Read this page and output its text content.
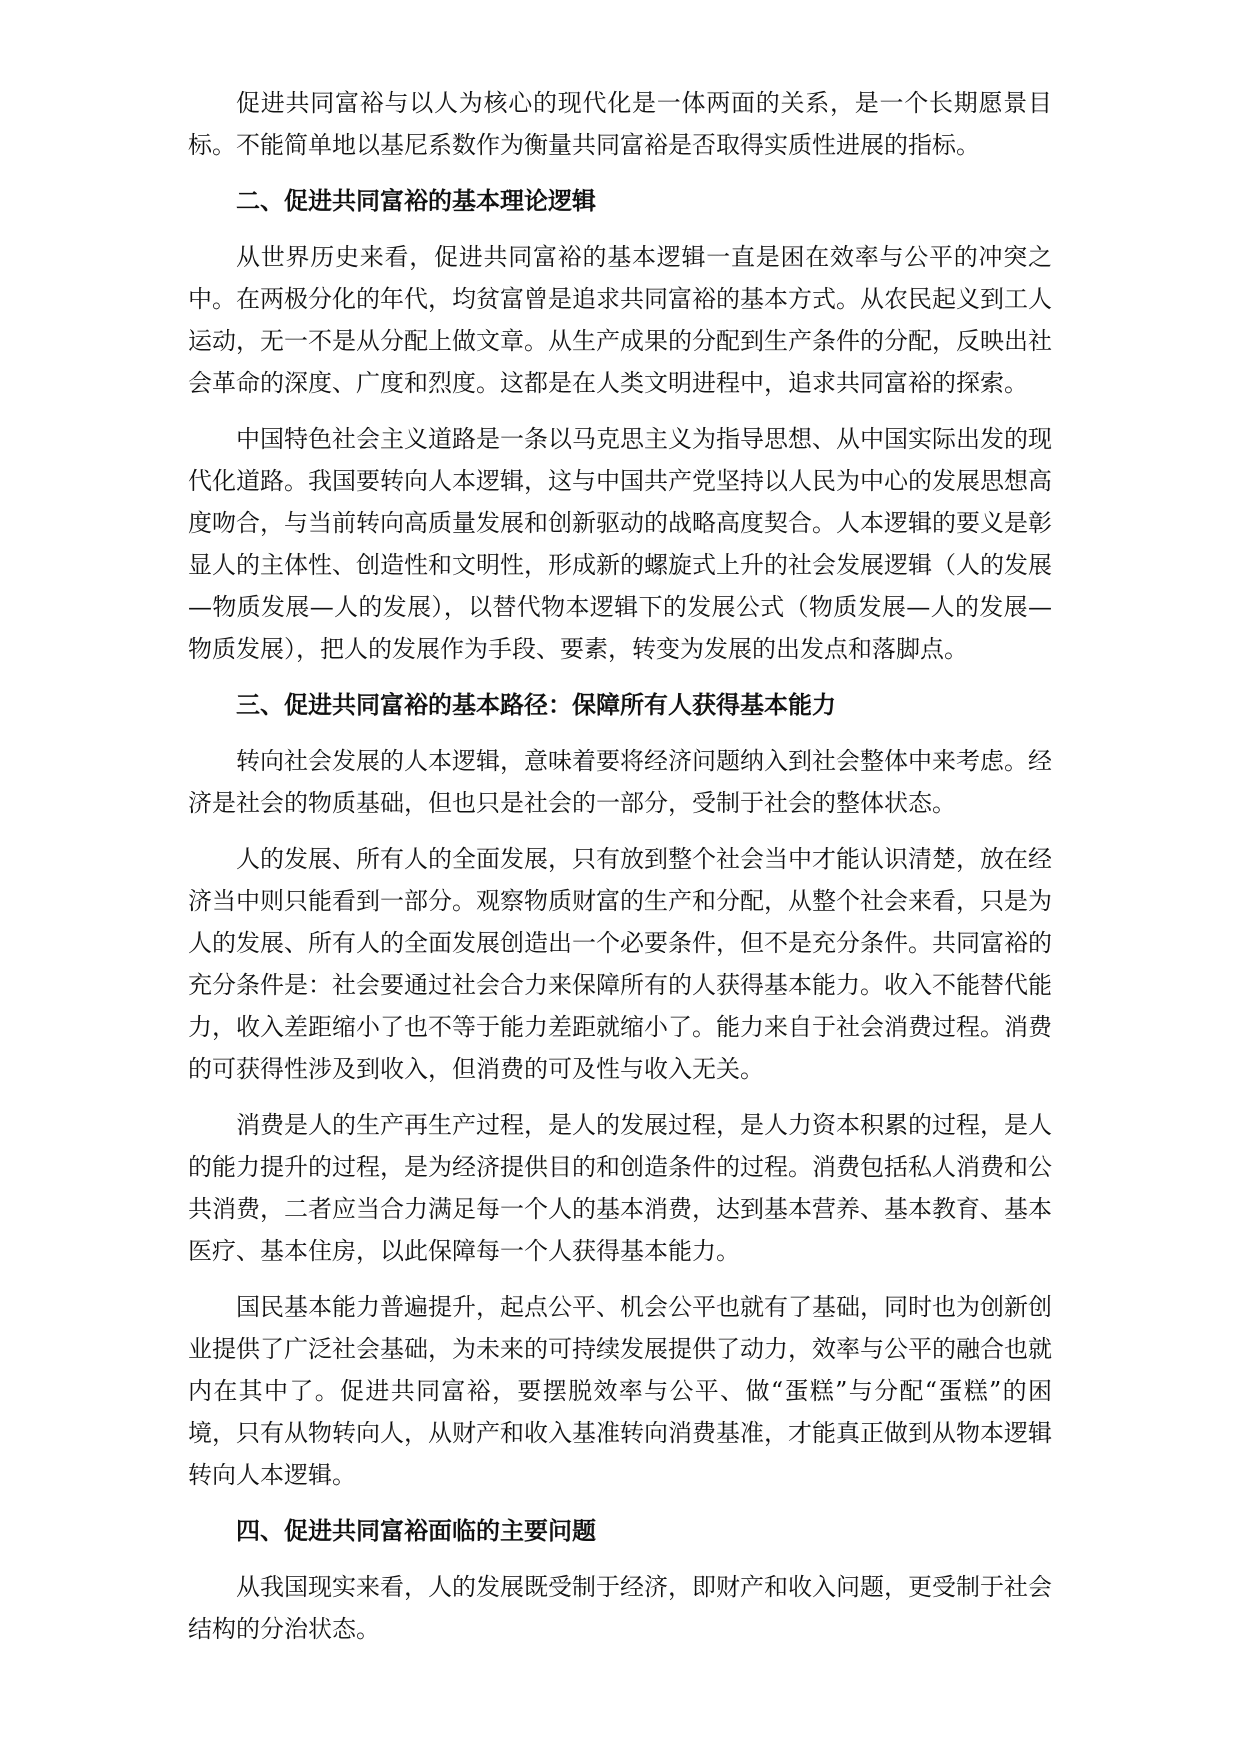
促进共同富裕与以人为核心的现代化是一体两面的关系，是一个长期愿景目标。不能简单地以基尼系数作为衡量共同富裕是否取得实质性进展的指标。

二、促进共同富裕的基本理论逻辑

从世界历史来看，促进共同富裕的基本逻辑一直是困在效率与公平的冲突之中。在两极分化的年代，均贫富曾是追求共同富裕的基本方式。从农民起义到工人运动，无一不是从分配上做文章。从生产成果的分配到生产条件的分配，反映出社会革命的深度、广度和烈度。这都是在人类文明进程中，追求共同富裕的探索。

中国特色社会主义道路是一条以马克思主义为指导思想、从中国实际出发的现代化道路。我国要转向人本逻辑，这与中国共产党坚持以人民为中心的发展思想高度吻合，与当前转向高质量发展和创新驱动的战略高度契合。人本逻辑的要义是彰显人的主体性、创造性和文明性，形成新的螺旋式上升的社会发展逻辑（人的发展—物质发展—人的发展），以替代物本逻辑下的发展公式（物质发展—人的发展—物质发展），把人的发展作为手段、要素，转变为发展的出发点和落脚点。

三、促进共同富裕的基本路径：保障所有人获得基本能力

转向社会发展的人本逻辑，意味着要将经济问题纳入到社会整体中来考虑。经济是社会的物质基础，但也只是社会的一部分，受制于社会的整体状态。

人的发展、所有人的全面发展，只有放到整个社会当中才能认识清楚，放在经济当中则只能看到一部分。观察物质财富的生产和分配，从整个社会来看，只是为人的发展、所有人的全面发展创造出一个必要条件，但不是充分条件。共同富裕的充分条件是：社会要通过社会合力来保障所有的人获得基本能力。收入不能替代能力，收入差距缩小了也不等于能力差距就缩小了。能力来自于社会消费过程。消费的可获得性涉及到收入，但消费的可及性与收入无关。

消费是人的生产再生产过程，是人的发展过程，是人力资本积累的过程，是人的能力提升的过程，是为经济提供目的和创造条件的过程。消费包括私人消费和公共消费，二者应当合力满足每一个人的基本消费，达到基本营养、基本教育、基本医疗、基本住房，以此保障每一个人获得基本能力。

国民基本能力普遍提升，起点公平、机会公平也就有了基础，同时也为创新创业提供了广泛社会基础，为未来的可持续发展提供了动力，效率与公平的融合也就内在其中了。促进共同富裕，要摆脱效率与公平、做“蛋糕”与分配“蛋糕”的困境，只有从物转向人，从财产和收入基准转向消费基准，才能真正做到从物本逻辑转向人本逻辑。

四、促进共同富裕面临的主要问题

从我国现实来看，人的发展既受制于经济，即财产和收入问题，更受制于社会结构的分治状态。
